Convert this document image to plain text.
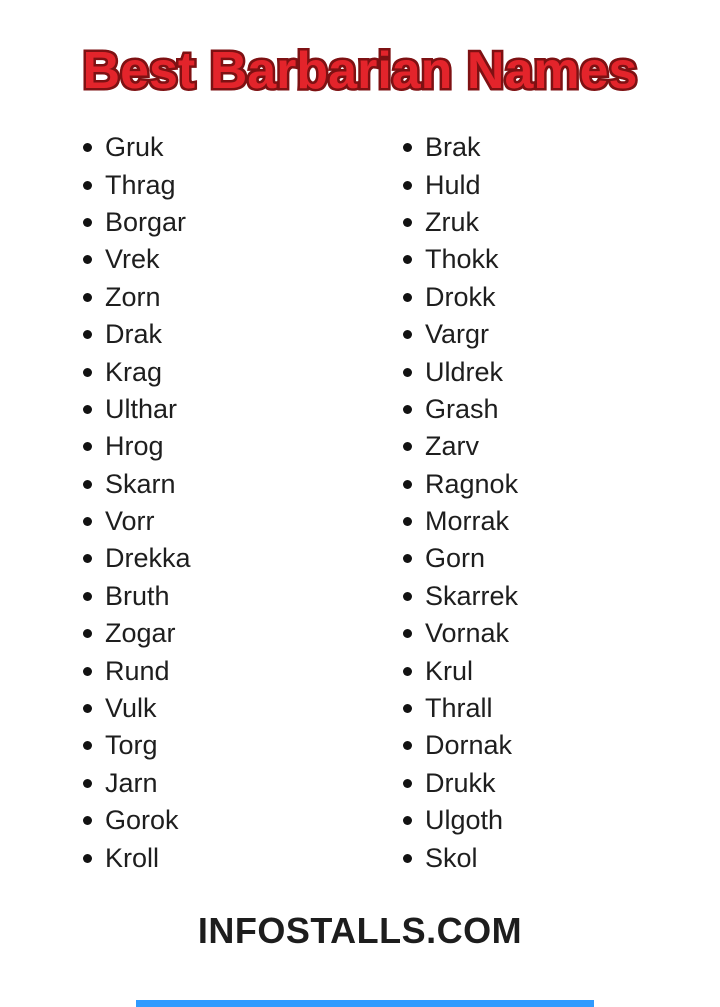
Best Barbarian Names
Gruk
Thrag
Borgar
Vrek
Zorn
Drak
Krag
Ulthar
Hrog
Skarn
Vorr
Drekka
Bruth
Zogar
Rund
Vulk
Torg
Jarn
Gorok
Kroll
Brak
Huld
Zruk
Thokk
Drokk
Vargr
Uldrek
Grash
Zarv
Ragnok
Morrak
Gorn
Skarrek
Vornak
Krul
Thrall
Dornak
Drukk
Ulgoth
Skol
INFOSTALLS.COM
